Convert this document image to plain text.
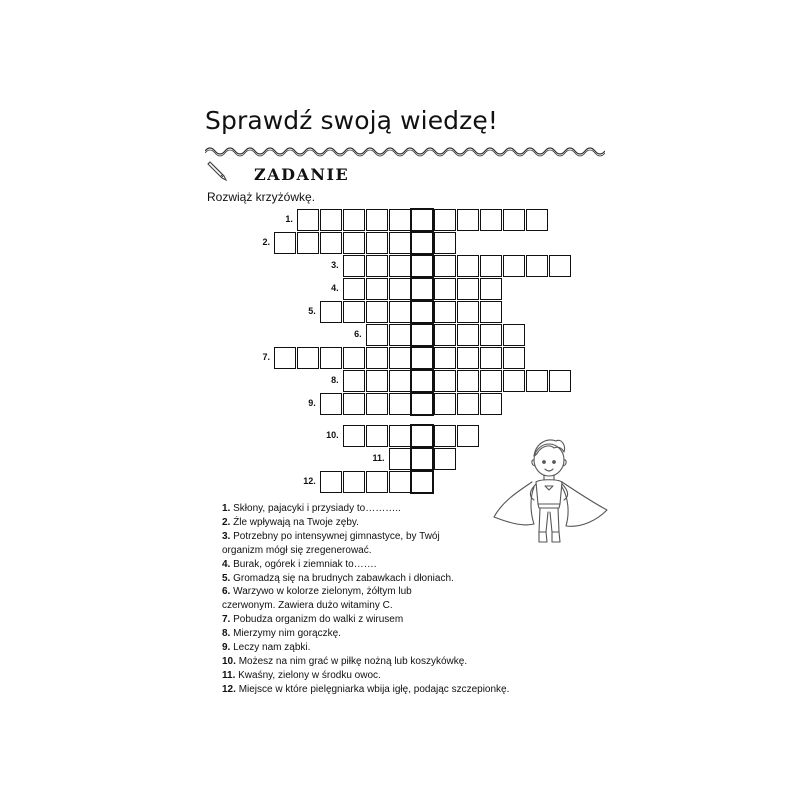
Sprawdź swoją wiedzę!
ZADANIE
Rozwiąż krzyżówkę.
1.
2.
3.
4.
5.
6.
7.
8.
9.
10.
11.
12.
1. Skłony, pajacyki i przysiady to………..
2. Źle wpływają na Twoje zęby.
3. Potrzebny po intensywnej gimnastyce, by Twój
organizm mógł się zregenerować.
4. Burak, ogórek i ziemniak to…….
5. Gromadzą się na brudnych zabawkach i dłoniach.
6. Warzywo w kolorze zielonym, żółtym lub
czerwonym. Zawiera dużo witaminy C.
7. Pobudza organizm do walki z wirusem
8. Mierzymy nim gorączkę.
9. Leczy nam ząbki.
10. Możesz na nim grać w piłkę nożną lub koszykówkę.
11. Kwaśny, zielony w środku owoc.
12. Miejsce w które pielęgniarka wbija igłę, podając szczepionkę.
